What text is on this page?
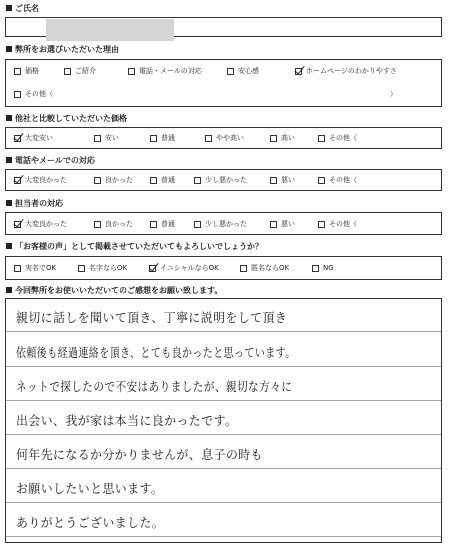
ご氏名
弊所をお選びいただいた理由
価格	ご紹介	電話・メールの対応	安心感	ホームページのわかりやすさ
その他（	）
他社と比較していただいた価格
大変安い	安い	普通	やや高い	高い	その他（
電話やメールでの対応
大変良かった	良かった	普通	少し悪かった	悪い	その他（
担当者の対応
大変良かった	良かった	普通	少し悪かった	悪い	その他（
「お客様の声」として掲載させていただいてもよろしいでしょうか？
実名でOK	名字ならOK	イニシャルならOK	匿名ならOK	NG
今回弊所をお使いいただいてのご感想をお願い致します。
親切に話しを聞いて頂き、丁寧に説明をして頂き
依頼後も経過連絡を頂き、とても良かったと思っています。
ネットで探したので不安はありましたが、親切な方々に
出会い、我が家は本当に良かったです。
何年先になるか分かりませんが、息子の時も
お願いしたいと思います。
ありがとうございました。
